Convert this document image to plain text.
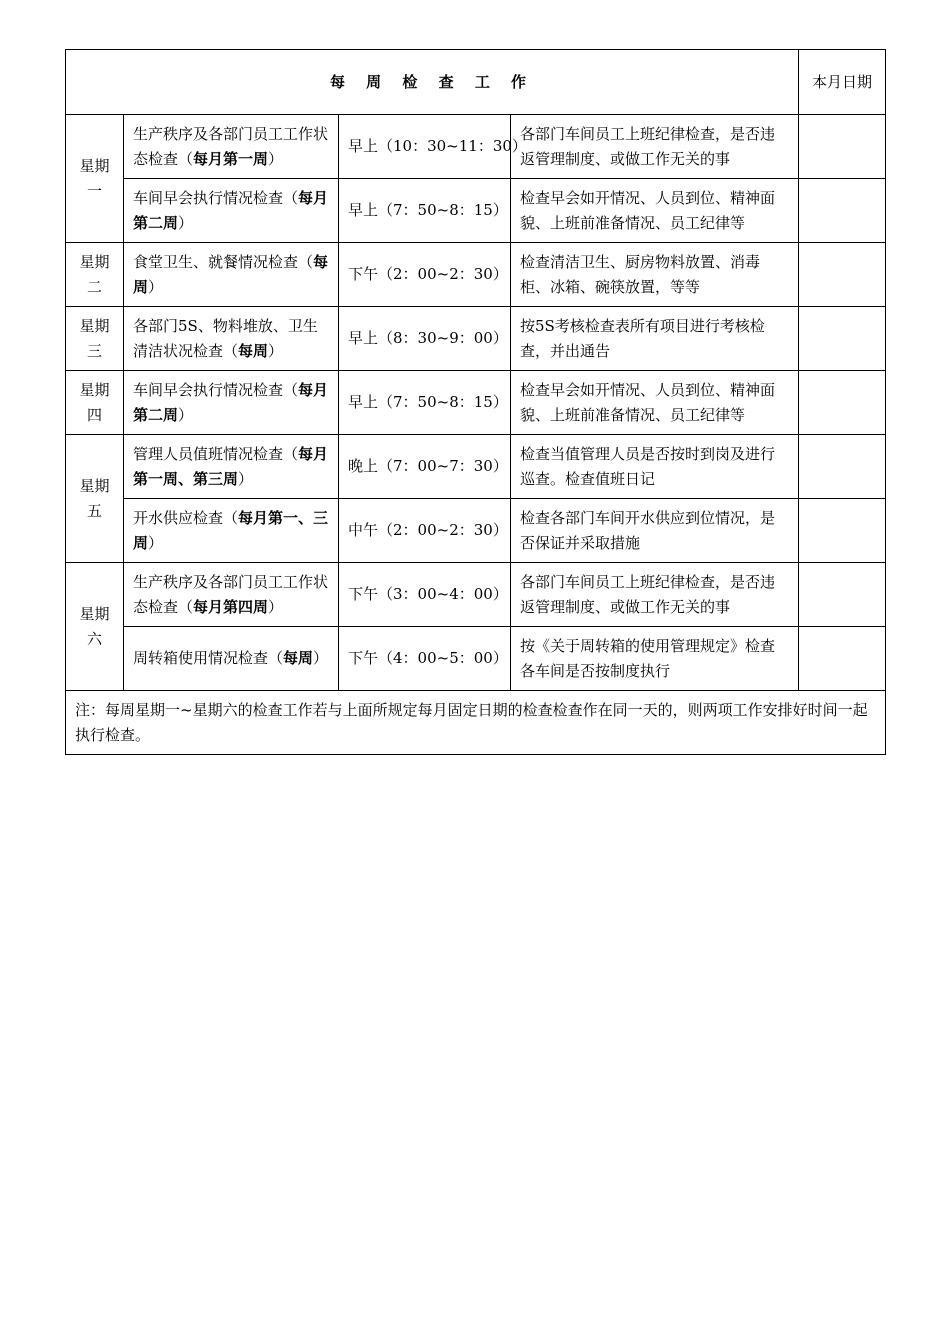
每 周 检 查 工 作				本月日期
星期
一	生产秩序及各部门员工工作状态检查（每月第一周）	早上（10：30~11：30）	各部门车间员工上班纪律检查，是否违返管理制度、或做工作无关的事	
	车间早会执行情况检查（每月第二周）	早上（7：50~8：15）	检查早会如开情况、人员到位、精神面貌、上班前准备情况、员工纪律等	
星期
二	食堂卫生、就餐情况检查（每周）	下午（2：00~2：30）	检查清洁卫生、厨房物料放置、消毒柜、冰箱、碗筷放置，等等	
星期
三	各部门5S、物料堆放、卫生清洁状况检查（每周）	早上（8：30~9：00）	按5S考核检查表所有项目进行考核检查，并出通告	
星期
四	车间早会执行情况检查（每月第二周）	早上（7：50~8：15）	检查早会如开情况、人员到位、精神面貌、上班前准备情况、员工纪律等	
星期
五	管理人员值班情况检查（每月第一周、第三周）	晚上（7：00~7：30）	检查当值管理人员是否按时到岗及进行巡查。检查值班日记	
	开水供应检查（每月第一、三周）	中午（2：00~2：30）	检查各部门车间开水供应到位情况，是否保证并采取措施	
星期
六	生产秩序及各部门员工工作状态检查（每月第四周）	下午（3：00~4：00）	各部门车间员工上班纪律检查，是否违返管理制度、或做工作无关的事	
	周转箱使用情况检查（每周）	下午（4：00~5：00）	按《关于周转箱的使用管理规定》检查各车间是否按制度执行	
注：每周星期一~星期六的检查工作若与上面所规定每月固定日期的检查检查作在同一天的，则两项工作安排好时间一起执行检查。				
